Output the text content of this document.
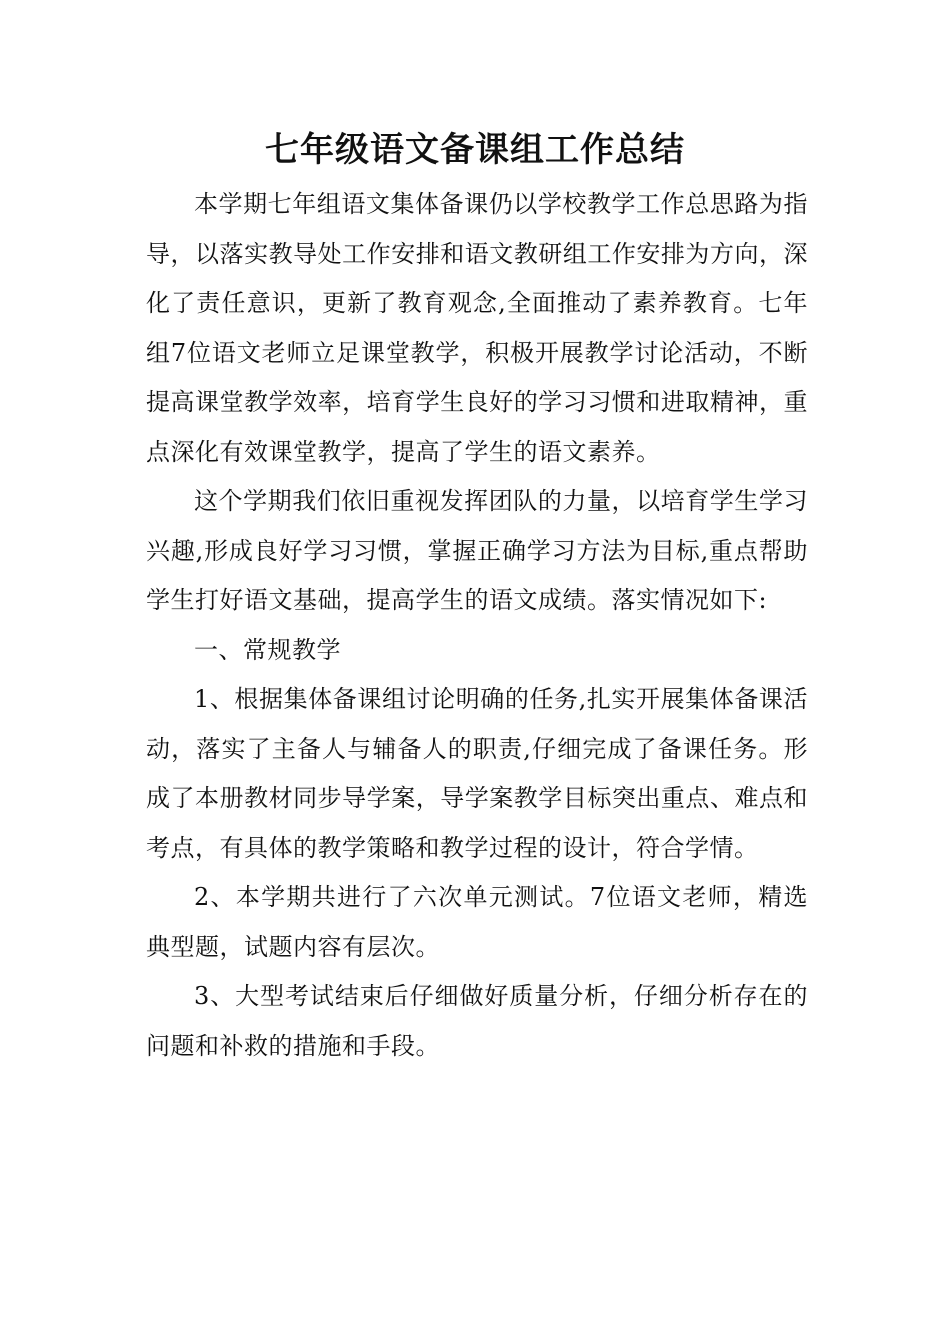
七年级语文备课组工作总结

本学期七年组语文集体备课仍以学校教学工作总思路为指导，以落实教导处工作安排和语文教研组工作安排为方向，深化了责任意识，更新了教育观念,全面推动了素养教育。七年组7位语文老师立足课堂教学，积极开展教学讨论活动，不断提高课堂教学效率，培育学生良好的学习习惯和进取精神，重点深化有效课堂教学，提高了学生的语文素养。

这个学期我们依旧重视发挥团队的力量，以培育学生学习兴趣,形成良好学习习惯，掌握正确学习方法为目标,重点帮助学生打好语文基础，提高学生的语文成绩。落实情况如下:

一、常规教学

1、根据集体备课组讨论明确的任务,扎实开展集体备课活动，落实了主备人与辅备人的职责,仔细完成了备课任务。形成了本册教材同步导学案，导学案教学目标突出重点、难点和考点，有具体的教学策略和教学过程的设计，符合学情。

2、本学期共进行了六次单元测试。7位语文老师，精选典型题，试题内容有层次。

3、大型考试结束后仔细做好质量分析，仔细分析存在的问题和补救的措施和手段。
